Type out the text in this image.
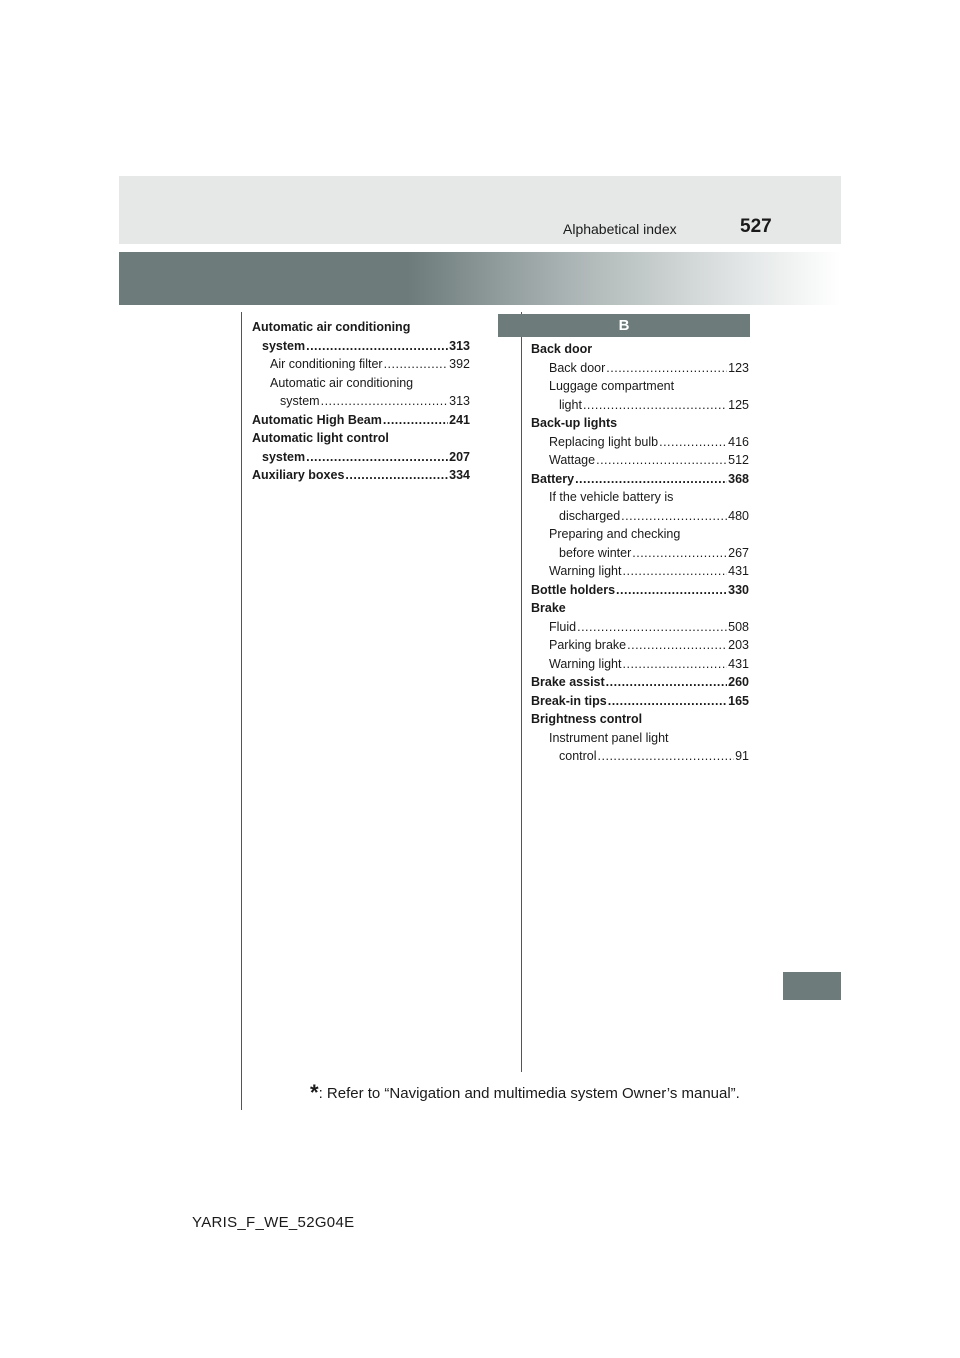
Alphabetical index	527
Automatic air conditioning
system .....	313
Air conditioning filter .....	392
Automatic air conditioning
system .....	313
Automatic High Beam .....	241
Automatic light control
system .....	207
Auxiliary boxes .....	334
B
Back door
Back door .....	123
Luggage compartment
light .....	125
Back-up lights
Replacing light bulb .....	416
Wattage .....	512
Battery .....	368
If the vehicle battery is
discharged .....	480
Preparing and checking
before winter .....	267
Warning light .....	431
Bottle holders .....	330
Brake
Fluid .....	508
Parking brake .....	203
Warning light .....	431
Brake assist .....	260
Break-in tips .....	165
Brightness control
Instrument panel light
control .....	91
*: Refer to “Navigation and multimedia system Owner’s manual”.
YARIS_F_WE_52G04E
